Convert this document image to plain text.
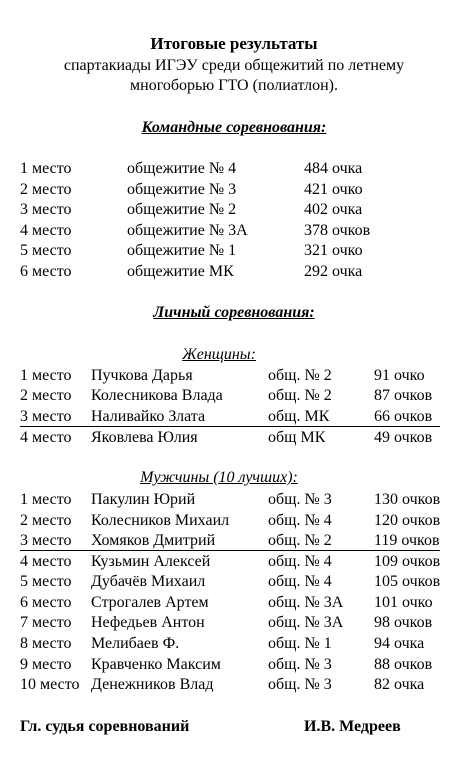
Итоговые результаты
спартакиады ИГЭУ среди общежитий по летнему
многоборью ГТО (полиатлон).
Командные соревнования:
1 место	общежитие № 4	484 очка
2 место	общежитие № 3	421 очко
3 место	общежитие № 2	402 очка
4 место	общежитие № 3А	378 очков
5 место	общежитие № 1	321 очко
6 место	общежитие МК	292 очка
Личный соревнования:
Женщины:
1 место Пучкова Дарья	общ. № 2	91 очко
2 место Колесникова Влада	общ. № 2	87 очков
3 место Наливайко Злата	общ. МК	66 очков
4 место Яковлева Юлия	общ МК	49 очков
Мужчины (10 лучших):
1 место Пакулин Юрий	общ. № 3	130 очков
2 место Колесников Михаил общ. № 4	120 очков
3 место Хомяков Дмитрий	общ. № 2	119 очков
4 место Кузьмин Алексей	общ. № 4	109 очков
5 место Дубачёв Михаил	общ. № 4	105 очков
6 место Строгалев Артем	общ. № 3А 101 очко
7 место Нефедьев Антон	общ. № 3А 98 очков
8 место Мелибаев Ф.	общ. № 1	94 очка
9 место Кравченко Максим	общ. № 3	88 очков
10 место Денежников Влад	общ. № 3	82 очка
Гл. судья соревнований	И.В. Медреев
